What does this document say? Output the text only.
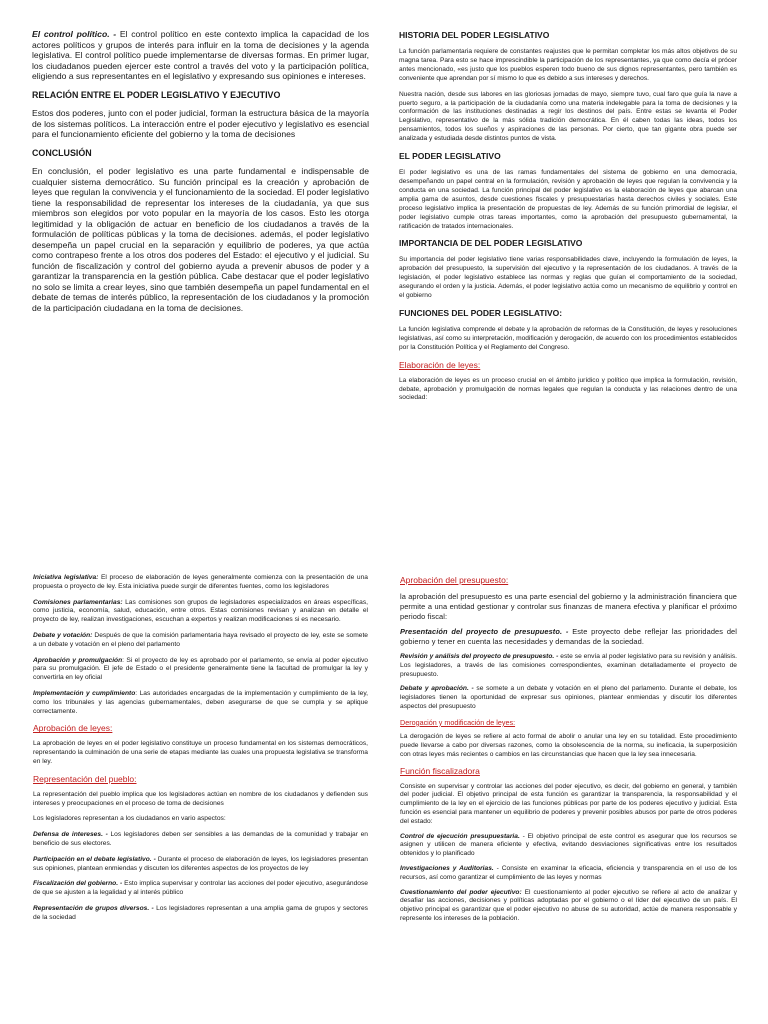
El control político. - El control político en este contexto implica la capacidad de los actores políticos y grupos de interés para influir en la toma de decisiones y la agenda legislativa. El control político puede implementarse de diversas formas. En primer lugar, los ciudadanos pueden ejercer este control a través del voto y la participación política, eligiendo a sus representantes en el legislativo y expresando sus opiniones e intereses.

RELACIÓN ENTRE EL PODER LEGISLATIVO Y EJECUTIVO

Estos dos poderes, junto con el poder judicial, forman la estructura básica de la mayoría de los sistemas políticos. La interacción entre el poder ejecutivo y legislativo es esencial para el funcionamiento eficiente del gobierno y la toma de decisiones

CONCLUSIÓN

En conclusión, el poder legislativo es una parte fundamental e indispensable de cualquier sistema democrático. Su función principal es la creación y aprobación de leyes que regulan la convivencia y el funcionamiento de la sociedad. El poder legislativo tiene la responsabilidad de representar los intereses de la ciudadanía, ya que sus miembros son elegidos por voto popular en la mayoría de los casos. Esto les otorga legitimidad y la obligación de actuar en beneficio de los ciudadanos a través de la formulación de políticas públicas y la toma de decisiones. además, el poder legislativo desempeña un papel crucial en la separación y equilibrio de poderes, ya que actúa como contrapeso frente a los otros dos poderes del Estado: el ejecutivo y el judicial. Su función de fiscalización y control del gobierno ayuda a prevenir abusos de poder y a garantizar la transparencia en la gestión pública. Cabe destacar que el poder legislativo no solo se limita a crear leyes, sino que también desempeña un papel fundamental en el debate de temas de interés público, la representación de los ciudadanos y la promoción de la participación ciudadana en la toma de decisiones.

HISTORIA DEL PODER LEGISLATIVO

La función parlamentaria requiere de constantes reajustes que le permitan completar los más altos objetivos de su magna tarea. Para esto se hace imprescindible la participación de los representantes, ya que como decía el prócer antes mencionado, «es justo que los pueblos esperen todo bueno de sus dignos representantes, pero también es conveniente que aprendan por sí mismo lo que es debido a sus intereses y derechos.

Nuestra nación, desde sus labores en las gloriosas jornadas de mayo, siempre tuvo, cual faro que guía la nave a puerto seguro, a la participación de la ciudadanía como una materia indelegable para la toma de decisiones y la conformación de las instituciones destinadas a regir los destinos del país. Entre estas se levanta el Poder Legislativo, representativo de la más sólida tradición democrática. En él caben todas las ideas, todos los pensamientos, todos los sueños y aspiraciones de las personas. Por cierto, que tan gigante obra puede ser analizada y estudiada desde distintos puntos de vista.

EL PODER LEGISLATIVO

El poder legislativo es una de las ramas fundamentales del sistema de gobierno en una democracia, desempeñando un papel central en la formulación, revisión y aprobación de leyes que regulan la convivencia y la conducta en una sociedad. La función principal del poder legislativo es la elaboración de leyes que abarcan una amplia gama de asuntos, desde cuestiones fiscales y presupuestarias hasta derechos civiles y sociales. Este proceso legislativo implica la presentación de propuestas de ley. Además de su función primordial de legislar, el poder legislativo cumple otras tareas importantes, como la aprobación del presupuesto gubernamental, la ratificación de tratados internacionales.

IMPORTANCIA DE DEL PODER LEGISLATIVO

Su importancia del poder legislativo tiene varias responsabilidades clave, incluyendo la formulación de leyes, la aprobación del presupuesto, la supervisión del ejecutivo y la representación de los ciudadanos. A través de la legislación, el poder legislativo establece las normas y reglas que guían el comportamiento de la sociedad, asegurando el orden y la justicia. Además, el poder legislativo actúa como un mecanismo de equilibrio y control en el gobierno

FUNCIONES DEL PODER LEGISLATIVO:

La función legislativa comprende el debate y la aprobación de reformas de la Constitución, de leyes y resoluciones legislativas, así como su interpretación, modificación y derogación, de acuerdo con los procedimientos establecidos por la Constitución Política y el Reglamento del Congreso.

Elaboración de leyes:

La elaboración de leyes es un proceso crucial en el ámbito jurídico y político que implica la formulación, revisión, debate, aprobación y promulgación de normas legales que regulan la conducta y las relaciones dentro de una sociedad:

Iniciativa legislativa: El proceso de elaboración de leyes generalmente comienza con la presentación de una propuesta o proyecto de ley. Esta iniciativa puede surgir de diferentes fuentes, como los legisladores

Comisiones parlamentarias: Las comisiones son grupos de legisladores especializados en áreas específicas, como justicia, economía, salud, educación, entre otros. Estas comisiones revisan y analizan en detalle el proyecto de ley, realizan investigaciones, escuchan a expertos y realizan modificaciones si es necesario.

Debate y votación: Después de que la comisión parlamentaria haya revisado el proyecto de ley, este se somete a un debate y votación en el pleno del parlamento

Aprobación y promulgación: Si el proyecto de ley es aprobado por el parlamento, se envía al poder ejecutivo para su promulgación. El jefe de Estado o el presidente generalmente tiene la facultad de promulgar la ley y convertirla en ley oficial

Implementación y cumplimiento: Las autoridades encargadas de la implementación y cumplimiento de la ley, como los tribunales y las agencias gubernamentales, deben asegurarse de que se cumpla y se aplique correctamente.

Aprobación de leyes:

La aprobación de leyes en el poder legislativo constituye un proceso fundamental en los sistemas democráticos, representando la culminación de una serie de etapas mediante las cuales una propuesta legislativa se transforma en ley.

Representación del pueblo:

La representación del pueblo implica que los legisladores actúan en nombre de los ciudadanos y defienden sus intereses y preocupaciones en el proceso de toma de decisiones

Los legisladores representan a los ciudadanos en vario aspectos:

Defensa de intereses. - Los legisladores deben ser sensibles a las demandas de la comunidad y trabajar en beneficio de sus electores.

Participación en el debate legislativo. - Durante el proceso de elaboración de leyes, los legisladores presentan sus opiniones, plantean enmiendas y discuten los diferentes aspectos de los proyectos de ley

Fiscalización del gobierno. - Esto implica supervisar y controlar las acciones del poder ejecutivo, asegurándose de que se ajusten a la legalidad y al interés público

Representación de grupos diversos. - Los legisladores representan a una amplia gama de grupos y sectores de la sociedad

Aprobación del presupuesto:

la aprobación del presupuesto es una parte esencial del gobierno y la administración financiera que permite a una entidad gestionar y controlar sus finanzas de manera efectiva y planificar el próximo periodo fiscal:

Presentación del proyecto de presupuesto. - Este proyecto debe reflejar las prioridades del gobierno y tener en cuenta las necesidades y demandas de la sociedad.

Revisión y análisis del proyecto de presupuesto. - este se envía al poder legislativo para su revisión y análisis. Los legisladores, a través de las comisiones correspondientes, examinan detalladamente el proyecto de presupuesto.

Debate y aprobación. - se somete a un debate y votación en el pleno del parlamento. Durante el debate, los legisladores tienen la oportunidad de expresar sus opiniones, plantear enmiendas y discutir los diferentes aspectos del presupuesto

Derogación y modificación de leyes:

La derogación de leyes se refiere al acto formal de abolir o anular una ley en su totalidad. Este procedimiento puede llevarse a cabo por diversas razones, como la obsolescencia de la norma, su ineficacia, la superposición con otras leyes más recientes o cambios en las circunstancias que hacen que la ley sea innecesaria.

Función fiscalizadora

Consiste en supervisar y controlar las acciones del poder ejecutivo, es decir, del gobierno en general, y también del poder judicial. El objetivo principal de esta función es garantizar la transparencia, la responsabilidad y el cumplimiento de la ley en el ejercicio de las funciones públicas por parte de los poderes ejecutivo y judicial. Esta función es esencial para mantener un equilibrio de poderes y prevenir posibles abusos por parte de otros poderes del estado:

Control de ejecución presupuestaria. - El objetivo principal de este control es asegurar que los recursos se asignen y utilicen de manera eficiente y efectiva, evitando desviaciones significativas entre los resultados obtenidos y lo planificado

Investigaciones y Auditorias. - Consiste en examinar la eficacia, eficiencia y transparencia en el uso de los recursos, así como garantizar el cumplimiento de las leyes y normas

Cuestionamiento del poder ejecutivo: El cuestionamiento al poder ejecutivo se refiere al acto de analizar y desafiar las acciones, decisiones y políticas adoptadas por el gobierno o el líder del ejecutivo de un país. El objetivo principal es garantizar que el poder ejecutivo no abuse de su autoridad, actúe de manera responsable y represente los intereses de la población.
